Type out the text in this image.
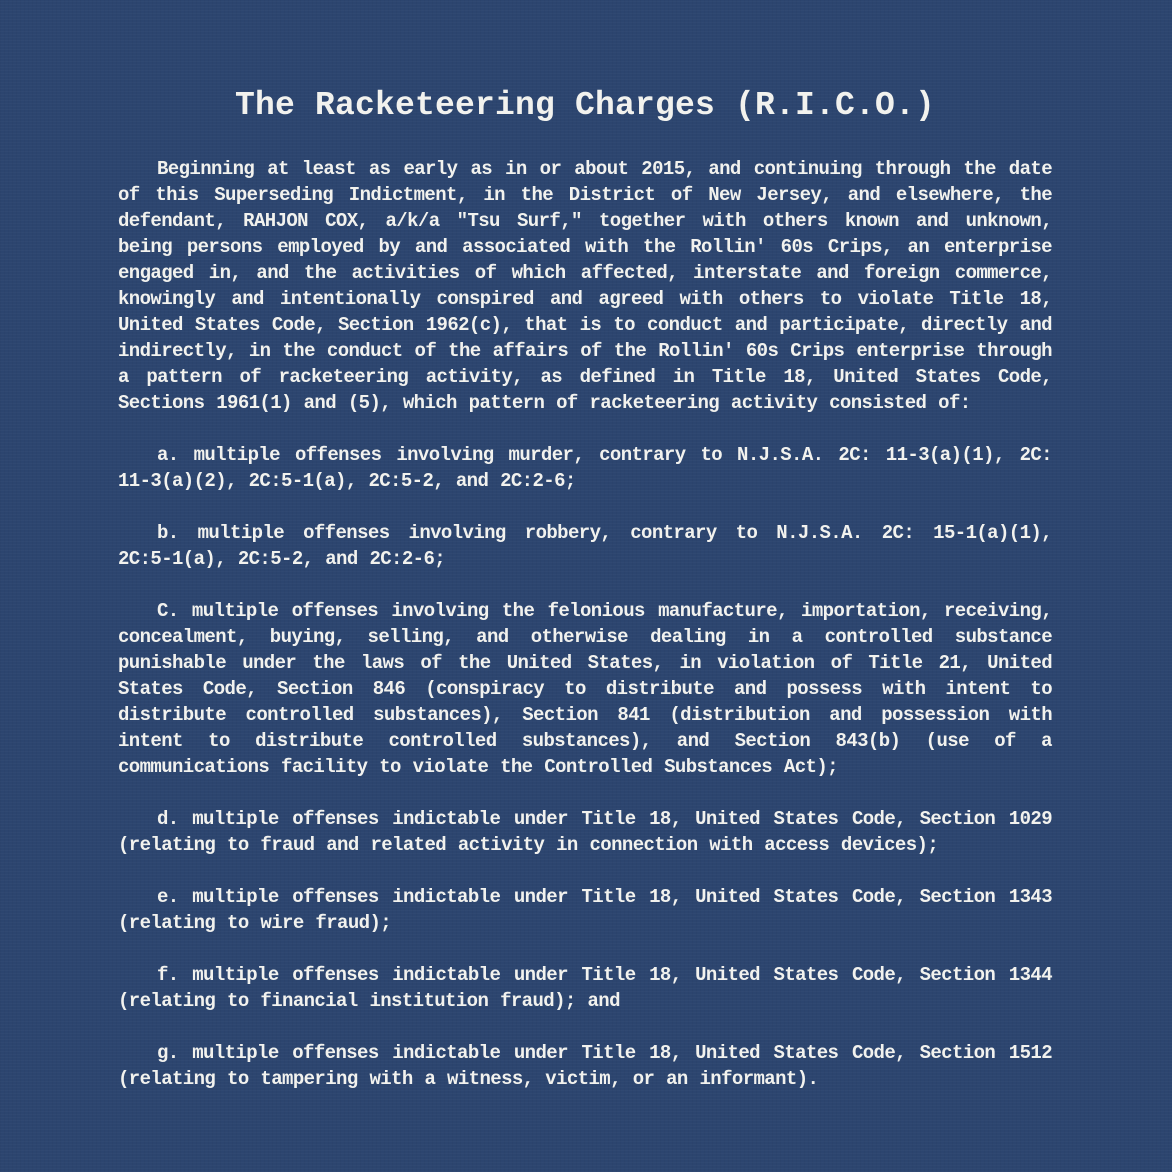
The Racketeering Charges (R.I.C.O.)

Beginning at least as early as in or about 2015, and continuing through the date of this Superseding Indictment, in the District of New Jersey, and elsewhere, the defendant, RAHJON COX, a/k/a "Tsu Surf," together with others known and unknown, being persons employed by and associated with the Rollin' 60s Crips, an enterprise engaged in, and the activities of which affected, interstate and foreign commerce, knowingly and intentionally conspired and agreed with others to violate Title 18, United States Code, Section 1962(c), that is to conduct and participate, directly and indirectly, in the conduct of the affairs of the Rollin' 60s Crips enterprise through a pattern of racketeering activity, as defined in Title 18, United States Code, Sections 1961(1) and (5), which pattern of racketeering activity consisted of:

a. multiple offenses involving murder, contrary to N.J.S.A. 2C: 11-3(a)(1), 2C: 11-3(a)(2), 2C:5-1(a), 2C:5-2, and 2C:2-6;

b. multiple offenses involving robbery, contrary to N.J.S.A. 2C: 15-1(a)(1), 2C:5-1(a), 2C:5-2, and 2C:2-6;

C. multiple offenses involving the felonious manufacture, importation, receiving, concealment, buying, selling, and otherwise dealing in a controlled substance punishable under the laws of the United States, in violation of Title 21, United States Code, Section 846 (conspiracy to distribute and possess with intent to distribute controlled substances), Section 841 (distribution and possession with intent to distribute controlled substances), and Section 843(b) (use of a communications facility to violate the Controlled Substances Act);

d. multiple offenses indictable under Title 18, United States Code, Section 1029 (relating to fraud and related activity in connection with access devices);

e. multiple offenses indictable under Title 18, United States Code, Section 1343 (relating to wire fraud);

f. multiple offenses indictable under Title 18, United States Code, Section 1344 (relating to financial institution fraud); and

g. multiple offenses indictable under Title 18, United States Code, Section 1512 (relating to tampering with a witness, victim, or an informant).
